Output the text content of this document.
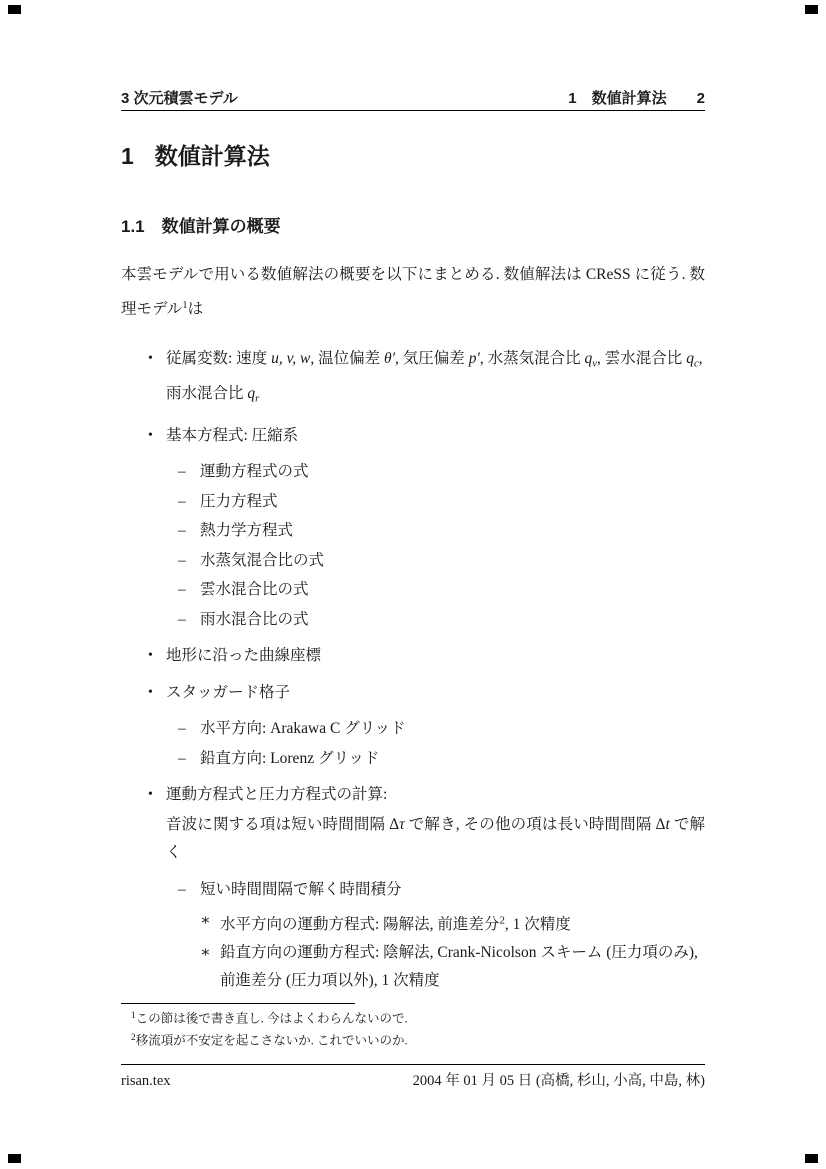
3 次元積雲モデル	1 数値計算法 2
1 数値計算法
1.1 数値計算の概要

本雲モデルで用いる数値解法の概要を以下にまとめる. 数値解法は CReSS に従う. 数理モデル$^1$は

• 従属変数: 速度 u, v, w, 温位偏差 θ′, 気圧偏差 p′, 水蒸気混合比 $q_v$, 雲水混合比 $q_c$, 雨水混合比 $q_r$
• 基本方程式: 圧縮系
– 運動方程式の式
– 圧力方程式
– 熱力学方程式
– 水蒸気混合比の式
– 雲水混合比の式
– 雨水混合比の式
• 地形に沿った曲線座標
• スタッガード格子
– 水平方向: Arakawa C グリッド
– 鉛直方向: Lorenz グリッド
• 運動方程式と圧力方程式の計算:

音波に関する項は短い時間間隔 Δτ で解き, その他の項は長い時間間隔 Δt で解く

– 短い時間間隔で解く時間積分
∗ 水平方向の運動方程式: 陽解法, 前進差分$^2$, 1 次精度
∗ 鉛直方向の運動方程式: 陰解法, Crank-Nicolson スキーム (圧力項のみ), 前進差分 (圧力項以外), 1 次精度

$^1$この節は後で書き直し. 今はよくわらんないので.

$^2$移流項が不安定を起こさないか. これでいいのか.

risan.tex	2004 年 01 月 05 日 (高橋, 杉山, 小高, 中島, 林)
